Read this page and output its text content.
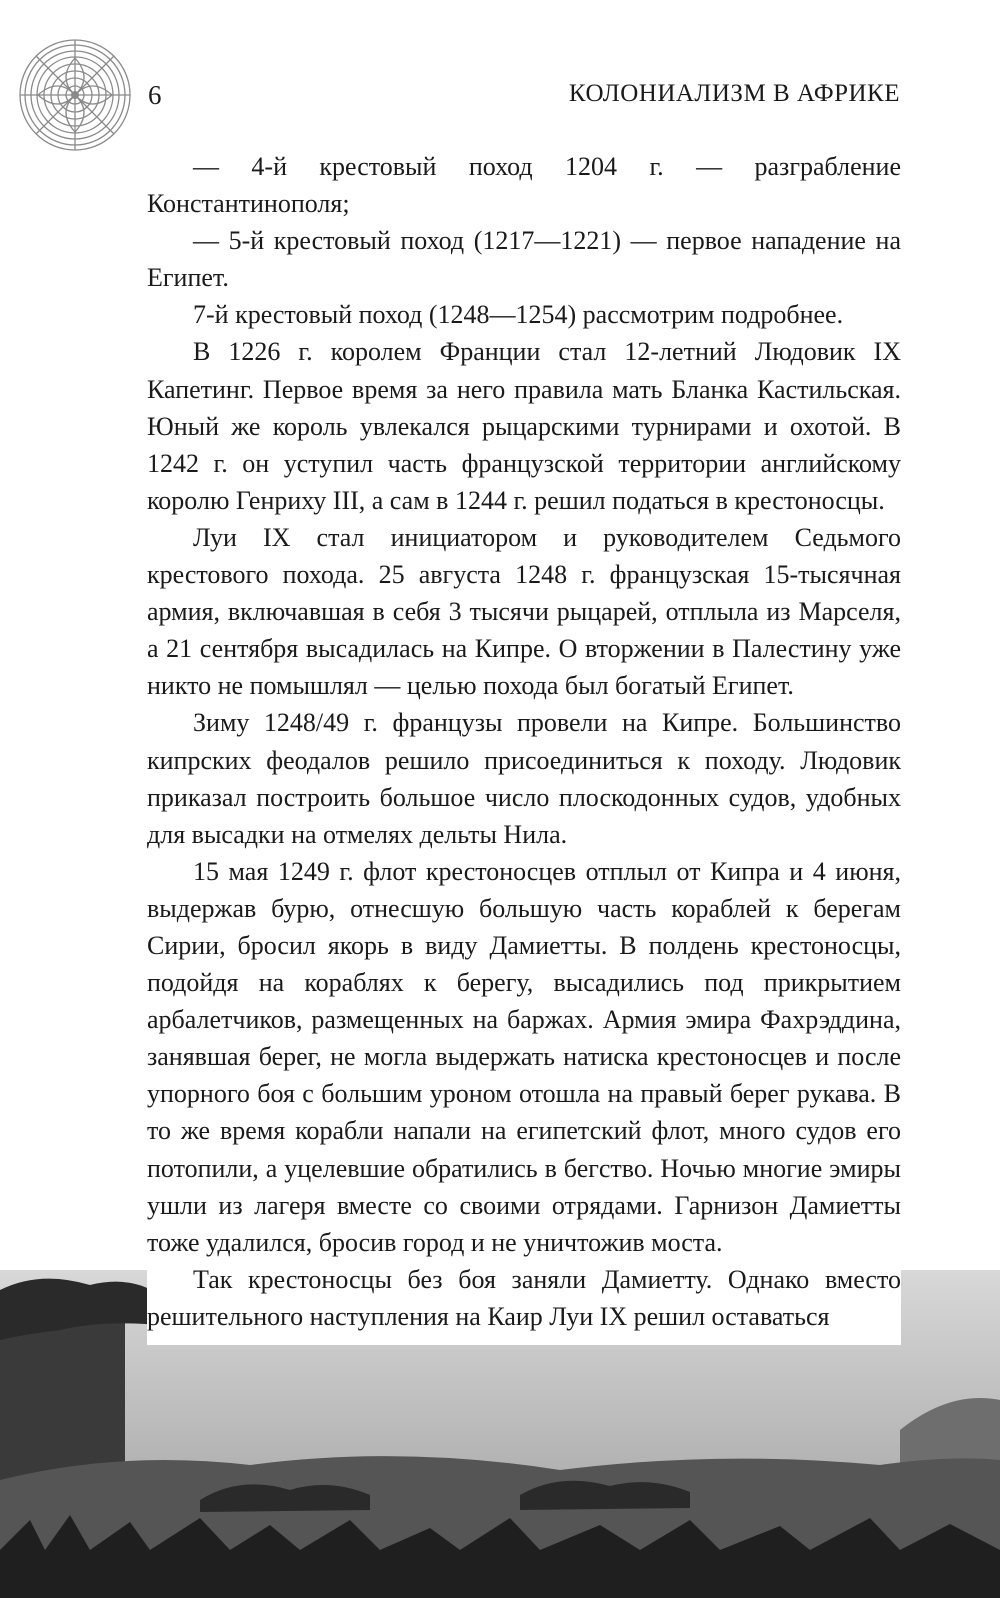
6	КОЛОНИАЛИЗМ В АФРИКЕ

— 4-й крестовый поход 1204 г. — разграбление Константинополя;

— 5-й крестовый поход (1217—1221) — первое нападение на Египет.

7-й крестовый поход (1248—1254) рассмотрим подробнее.

В 1226 г. королем Франции стал 12-летний Людовик IX Капетинг. Первое время за него правила мать Бланка Кастильская. Юный же король увлекался рыцарскими турнирами и охотой. В 1242 г. он уступил часть французской территории английскому королю Генриху III, а сам в 1244 г. решил податься в крестоносцы.

Луи IX стал инициатором и руководителем Седьмого крестового похода. 25 августа 1248 г. французская 15-тысячная армия, включавшая в себя 3 тысячи рыцарей, отплыла из Марселя, а 21 сентября высадилась на Кипре. О вторжении в Палестину уже никто не помышлял — целью похода был богатый Египет.

Зиму 1248/49 г. французы провели на Кипре. Большинство кипрских феодалов решило присоединиться к походу. Людовик приказал построить большое число плоскодонных судов, удобных для высадки на отмелях дельты Нила.

15 мая 1249 г. флот крестоносцев отплыл от Кипра и 4 июня, выдержав бурю, отнесшую большую часть кораблей к берегам Сирии, бросил якорь в виду Дамиетты. В полдень крестоносцы, подойдя на кораблях к берегу, высадились под прикрытием арбалетчиков, размещенных на баржах. Армия эмира Фахрэддина, занявшая берег, не могла выдержать натиска крестоносцев и после упорного боя с большим уроном отошла на правый берег рукава. В то же время корабли напали на египетский флот, много судов его потопили, а уцелевшие обратились в бегство. Ночью многие эмиры ушли из лагеря вместе со своими отрядами. Гарнизон Дамиетты тоже удалился, бросив город и не уничтожив моста.

Так крестоносцы без боя заняли Дамиетту. Однако вместо решительного наступления на Каир Луи IX решил оставаться
